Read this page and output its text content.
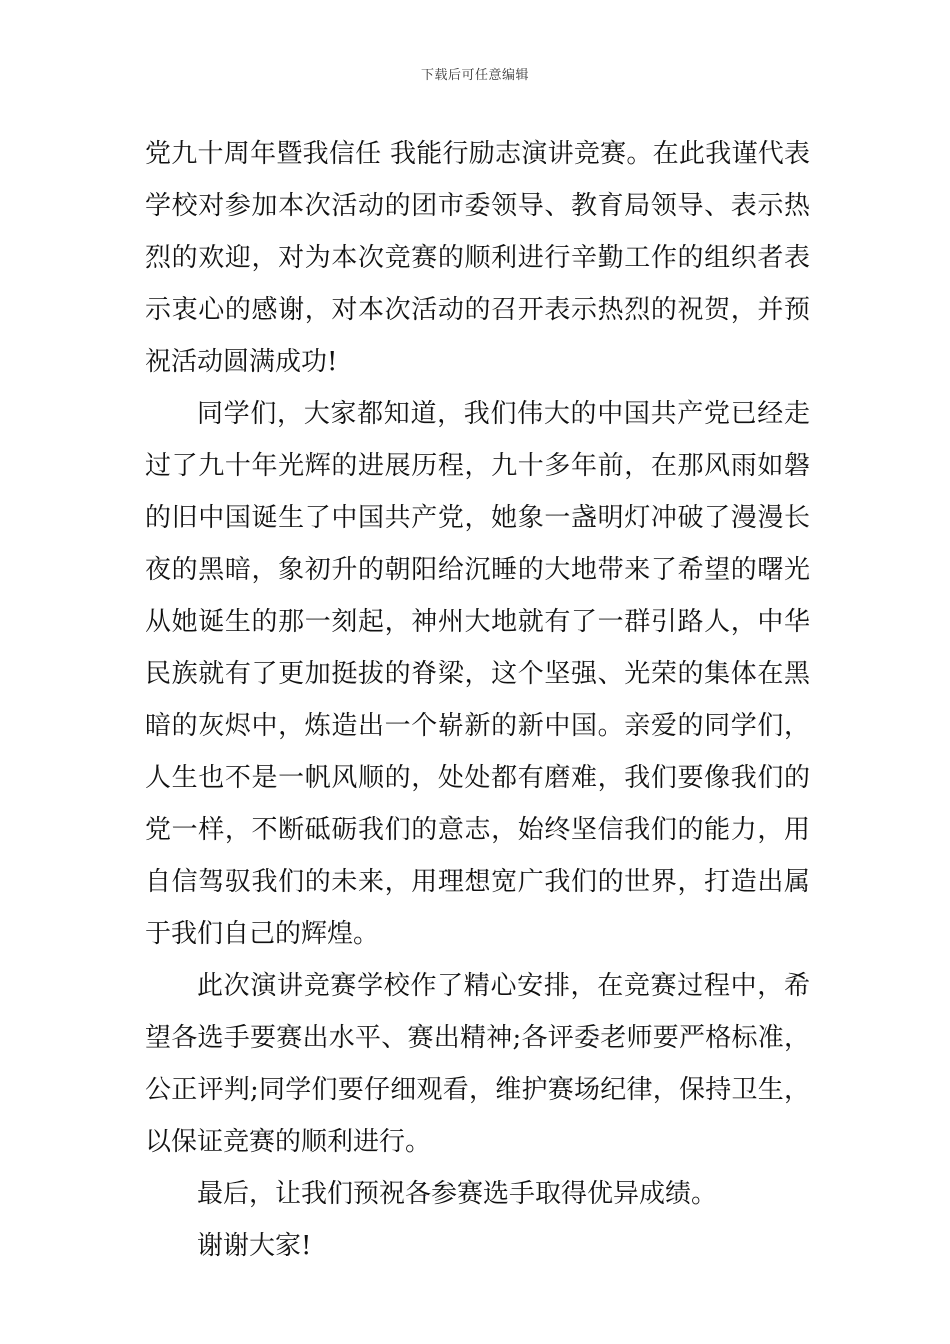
下载后可任意编辑

党九十周年暨我信任 我能行励志演讲竞赛。在此我谨代表学校对参加本次活动的团市委领导、教育局领导、表示热烈的欢迎，对为本次竞赛的顺利进行辛勤工作的组织者表示衷心的感谢，对本次活动的召开表示热烈的祝贺，并预祝活动圆满成功!

同学们，大家都知道，我们伟大的中国共产党已经走过了九十年光辉的进展历程，九十多年前，在那风雨如磐的旧中国诞生了中国共产党，她象一盏明灯冲破了漫漫长夜的黑暗，象初升的朝阳给沉睡的大地带来了希望的曙光从她诞生的那一刻起，神州大地就有了一群引路人，中华民族就有了更加挺拔的脊梁，这个坚强、光荣的集体在黑暗的灰烬中，炼造出一个崭新的新中国。亲爱的同学们，人生也不是一帆风顺的，处处都有磨难，我们要像我们的党一样，不断砥砺我们的意志，始终坚信我们的能力，用自信驾驭我们的未来，用理想宽广我们的世界，打造出属于我们自己的辉煌。

此次演讲竞赛学校作了精心安排，在竞赛过程中，希望各选手要赛出水平、赛出精神;各评委老师要严格标准，公正评判;同学们要仔细观看，维护赛场纪律，保持卫生，以保证竞赛的顺利进行。

最后，让我们预祝各参赛选手取得优异成绩。

谢谢大家!
